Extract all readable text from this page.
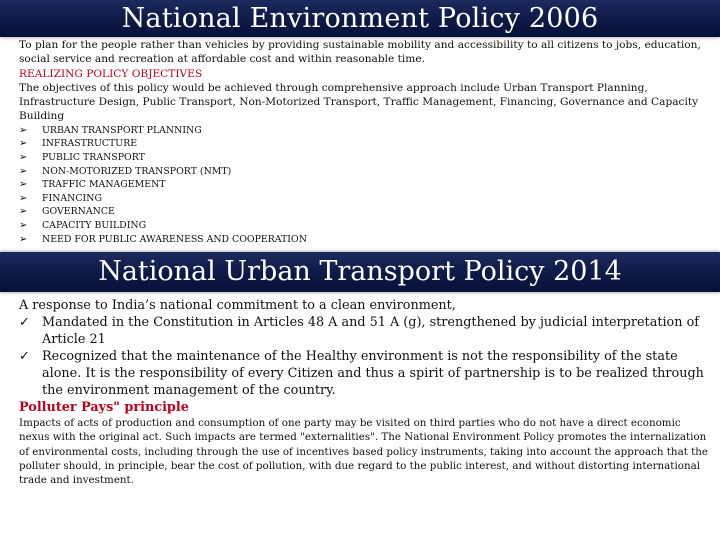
National Environment Policy 2006

To plan for the people rather than vehicles by providing sustainable mobility and accessibility to all citizens to jobs, education, social service and recreation at affordable cost and within reasonable time.

REALIZING POLICY OBJECTIVES

The objectives of this policy would be achieved through comprehensive approach include Urban Transport Planning, Infrastructure Design, Public Transport, Non-Motorized Transport, Traffic Management, Financing, Governance and Capacity Building

➢ URBAN TRANSPORT PLANNING
➢ INFRASTRUCTURE
➢ PUBLIC TRANSPORT
➢ NON-MOTORIZED TRANSPORT (NMT)
➢ TRAFFIC MANAGEMENT
➢ FINANCING
➢ GOVERNANCE
➢ CAPACITY BUILDING
➢ NEED FOR PUBLIC AWARENESS AND COOPERATION
National Urban Transport Policy 2014

A response to India’s national commitment to a clean environment,

✓ Mandated in the Constitution in Articles 48 A and 51 A (g), strengthened by judicial interpretation of Article 21
✓ Recognized that the maintenance of the Healthy environment is not the responsibility of the state alone. It is the responsibility of every Citizen and thus a spirit of partnership is to be realized through the environment management of the country.

Polluter Pays" principle

Impacts of acts of production and consumption of one party may be visited on third parties who do not have a direct economic nexus with the original act. Such impacts are termed "externalities". The National Environment Policy promotes the internalization of environmental costs, including through the use of incentives based policy instruments, taking into account the approach that the polluter should, in principle, bear the cost of pollution, with due regard to the public interest, and without distorting international trade and investment.
